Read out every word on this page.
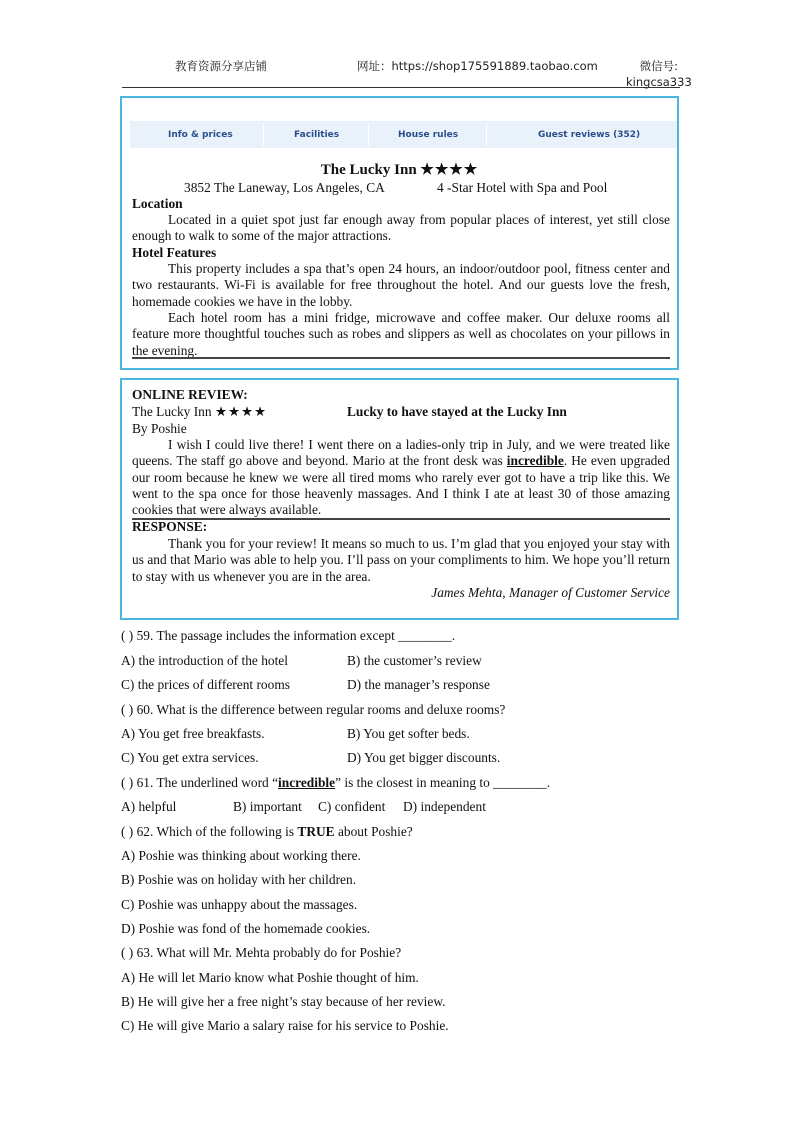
教育资源分享店铺	网址：https://shop175591889.taobao.com	微信号:
kingcsa333
Info & prices	Facilities	House rules	Guest reviews (352)
The Lucky Inn ★★★★
3852 The Laneway, Los Angeles, CA	4 -Star Hotel with Spa and Pool
Location
Located in a quiet spot just far enough away from popular places of interest, yet still close enough to walk to some of the major attractions.
Hotel Features
This property includes a spa that’s open 24 hours, an indoor/outdoor pool, fitness center and two restaurants. Wi-Fi is available for free throughout the hotel. And our guests love the fresh, homemade cookies we have in the lobby.
Each hotel room has a mini fridge, microwave and coffee maker. Our deluxe rooms all feature more thoughtful touches such as robes and slippers as well as chocolates on your pillows in the evening.
ONLINE REVIEW:
The Lucky Inn ★★★★	Lucky to have stayed at the Lucky Inn
By Poshie
I wish I could live there! I went there on a ladies-only trip in July, and we were treated like queens. The staff go above and beyond. Mario at the front desk was incredible. He even upgraded our room because he knew we were all tired moms who rarely ever got to have a trip like this. We went to the spa once for those heavenly massages. And I think I ate at least 30 of those amazing cookies that were always available.
RESPONSE:
Thank you for your review! It means so much to us. I’m glad that you enjoyed your stay with us and that Mario was able to help you. I’ll pass on your compliments to him. We hope you’ll return to stay with us whenever you are in the area.
James Mehta, Manager of Customer Service
( ) 59. The passage includes the information except ________.
A) the introduction of the hotel	B) the customer’s review
C) the prices of different rooms	D) the manager’s response
( ) 60. What is the difference between regular rooms and deluxe rooms?
A) You get free breakfasts.	B) You get softer beds.
C) You get extra services.	D) You get bigger discounts.
( ) 61. The underlined word “incredible” is the closest in meaning to ________.
A) helpful	B) important C) confident D) independent
( ) 62. Which of the following is TRUE about Poshie?
A) Poshie was thinking about working there.
B) Poshie was on holiday with her children.
C) Poshie was unhappy about the massages.
D) Poshie was fond of the homemade cookies.
( ) 63. What will Mr. Mehta probably do for Poshie?
A) He will let Mario know what Poshie thought of him.
B) He will give her a free night’s stay because of her review.
C) He will give Mario a salary raise for his service to Poshie.
